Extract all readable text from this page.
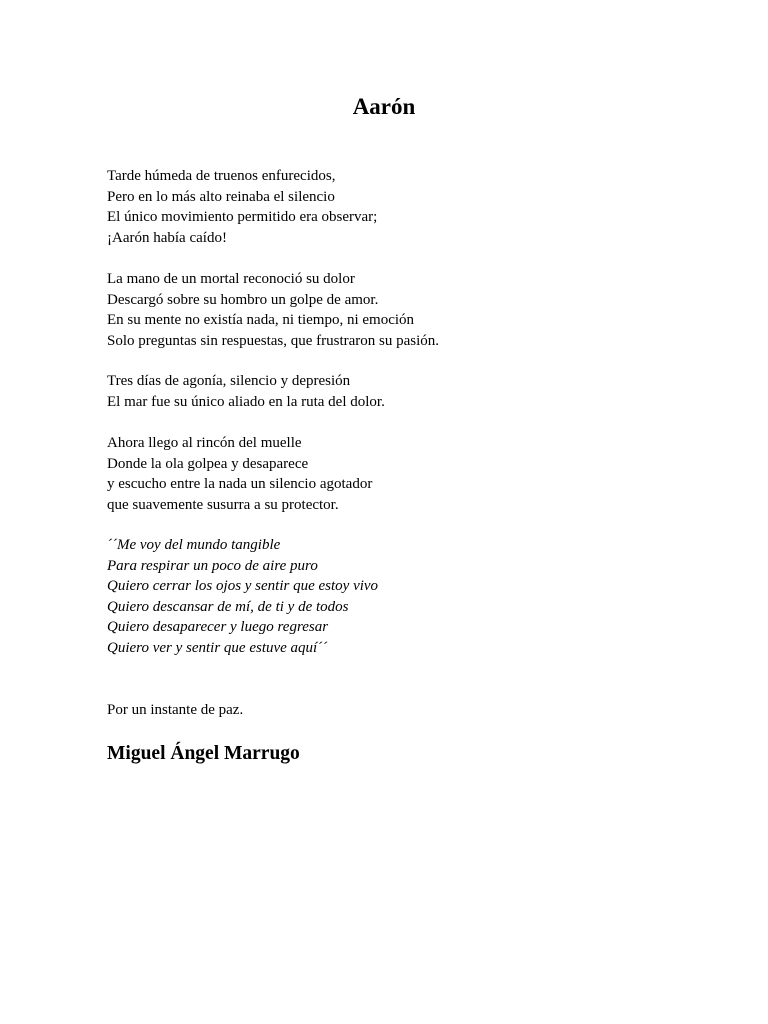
Aarón
Tarde húmeda de truenos enfurecidos,
Pero en lo más alto reinaba el silencio
El único movimiento permitido era observar;
¡Aarón había caído!
La mano de un mortal reconoció su dolor
Descargó sobre su hombro un golpe de amor.
En su mente no existía nada, ni tiempo, ni emoción
Solo preguntas sin respuestas, que frustraron su pasión.
Tres días de agonía, silencio y depresión
El mar fue su único aliado en la ruta del dolor.
Ahora llego al rincón del muelle
Donde la ola golpea y desaparece
y escucho entre la nada un silencio agotador
que suavemente susurra a su protector.
´´Me voy del mundo tangible
Para respirar un poco de aire puro
Quiero cerrar los ojos y sentir que estoy vivo
Quiero descansar de mí, de ti y de todos
Quiero desaparecer y luego regresar
Quiero ver y sentir que estuve aquí´´

Por un instante de paz.

Miguel Ángel Marrugo
